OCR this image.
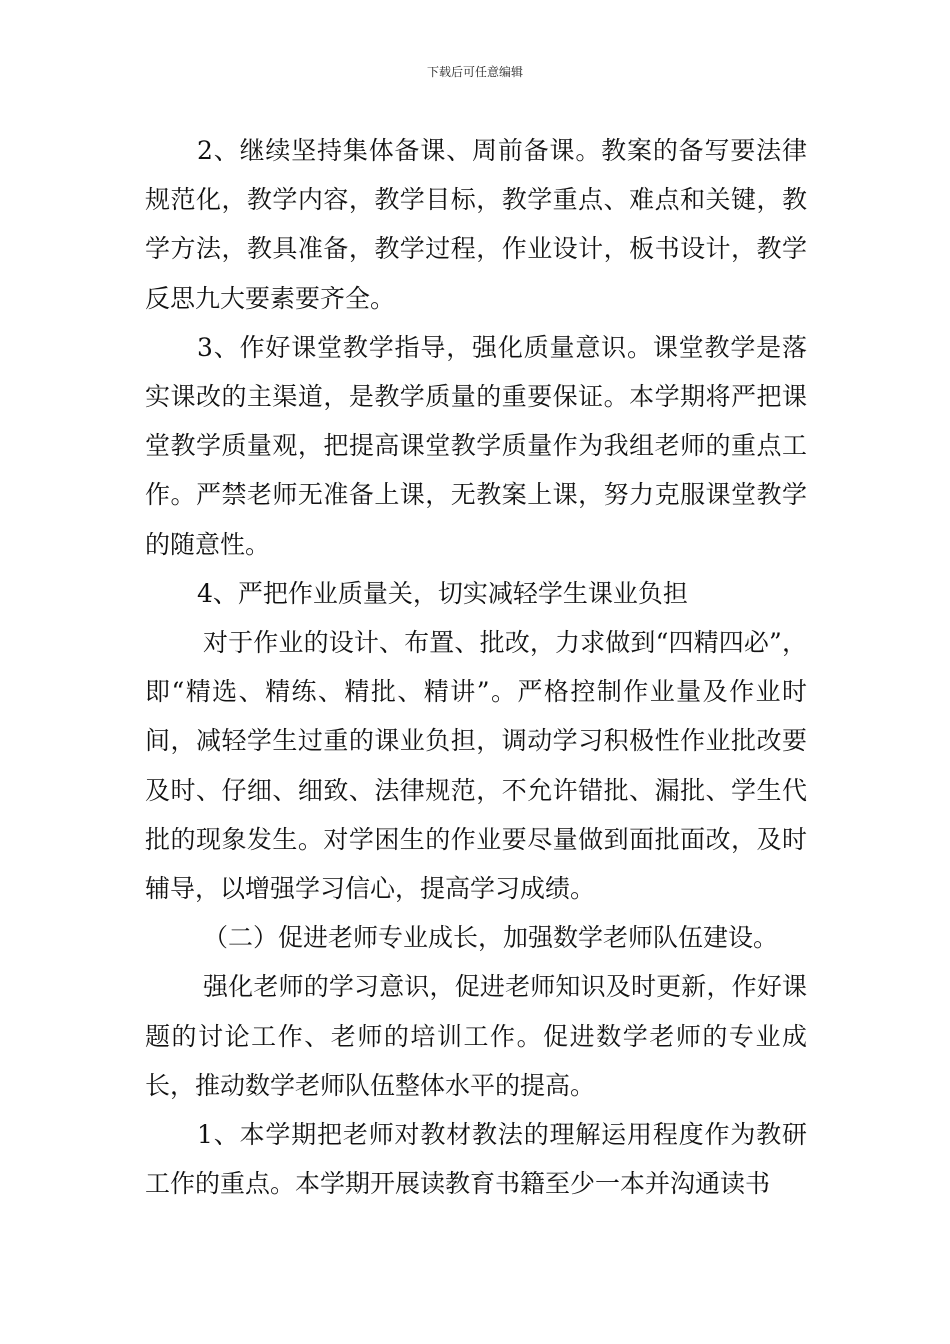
下载后可任意编辑

2、继续坚持集体备课、周前备课。教案的备写要法律规范化，教学内容，教学目标，教学重点、难点和关键，教学方法，教具准备，教学过程，作业设计，板书设计，教学反思九大要素要齐全。

3、作好课堂教学指导，强化质量意识。课堂教学是落实课改的主渠道，是教学质量的重要保证。本学期将严把课堂教学质量观，把提高课堂教学质量作为我组老师的重点工作。严禁老师无准备上课，无教案上课，努力克服课堂教学的随意性。

4、严把作业质量关，切实减轻学生课业负担

对于作业的设计、布置、批改，力求做到“四精四必”，即“精选、精练、精批、精讲”。严格控制作业量及作业时间，减轻学生过重的课业负担，调动学习积极性作业批改要及时、仔细、细致、法律规范，不允许错批、漏批、学生代批的现象发生。对学困生的作业要尽量做到面批面改，及时辅导，以增强学习信心，提高学习成绩。

（二）促进老师专业成长，加强数学老师队伍建设。

强化老师的学习意识，促进老师知识及时更新，作好课题的讨论工作、老师的培训工作。促进数学老师的专业成长，推动数学老师队伍整体水平的提高。

1、本学期把老师对教材教法的理解运用程度作为教研工作的重点。本学期开展读教育书籍至少一本并沟通读书
